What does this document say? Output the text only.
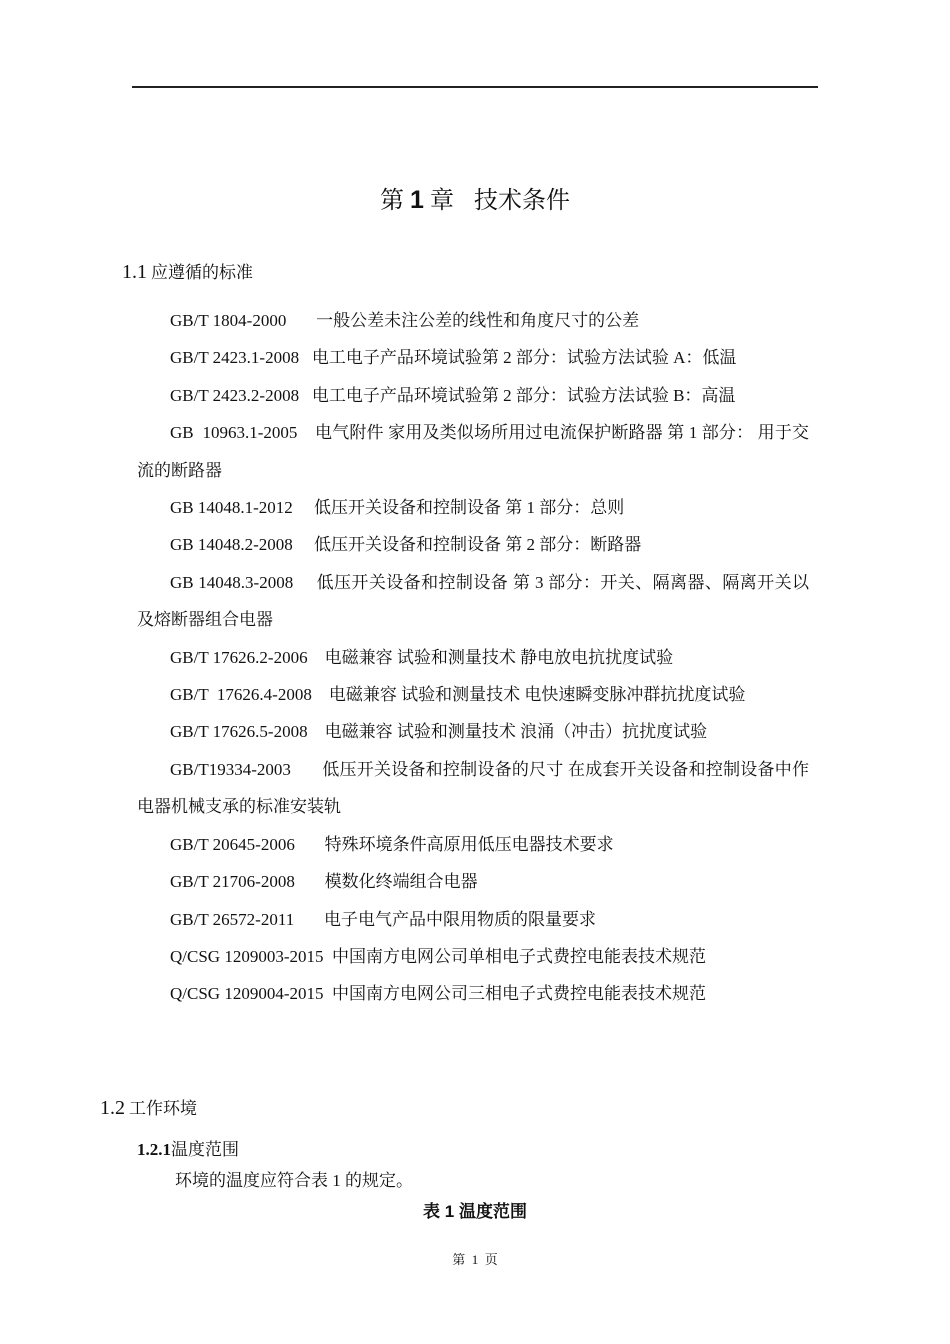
第 1 章 技术条件
1.1 应遵循的标准
GB/T 1804-2000       一般公差未注公差的线性和角度尺寸的公差
GB/T 2423.1-2008   电工电子产品环境试验第 2 部分：试验方法试验 A：低温
GB/T 2423.2-2008   电工电子产品环境试验第 2 部分：试验方法试验 B：高温
GB  10963.1-2005    电气附件 家用及类似场所用过电流保护断路器 第 1 部分： 用于交流的断路器
GB 14048.1-2012     低压开关设备和控制设备 第 1 部分：总则
GB 14048.2-2008     低压开关设备和控制设备 第 2 部分：断路器
GB 14048.3-2008     低压开关设备和控制设备 第 3 部分：开关、隔离器、隔离开关以及熔断器组合电器
GB/T 17626.2-2006    电磁兼容 试验和测量技术 静电放电抗扰度试验
GB/T  17626.4-2008    电磁兼容 试验和测量技术 电快速瞬变脉冲群抗扰度试验
GB/T 17626.5-2008    电磁兼容 试验和测量技术 浪涌（冲击）抗扰度试验
GB/T19334-2003       低压开关设备和控制设备的尺寸 在成套开关设备和控制设备中作电器机械支承的标准安装轨
GB/T 20645-2006       特殊环境条件高原用低压电器技术要求
GB/T 21706-2008       模数化终端组合电器
GB/T 26572-2011       电子电气产品中限用物质的限量要求
Q/CSG 1209003-2015  中国南方电网公司单相电子式费控电能表技术规范
Q/CSG 1209004-2015  中国南方电网公司三相电子式费控电能表技术规范
1.2 工作环境
1.2.1温度范围
环境的温度应符合表 1 的规定。
表 1 温度范围
第 1 页
